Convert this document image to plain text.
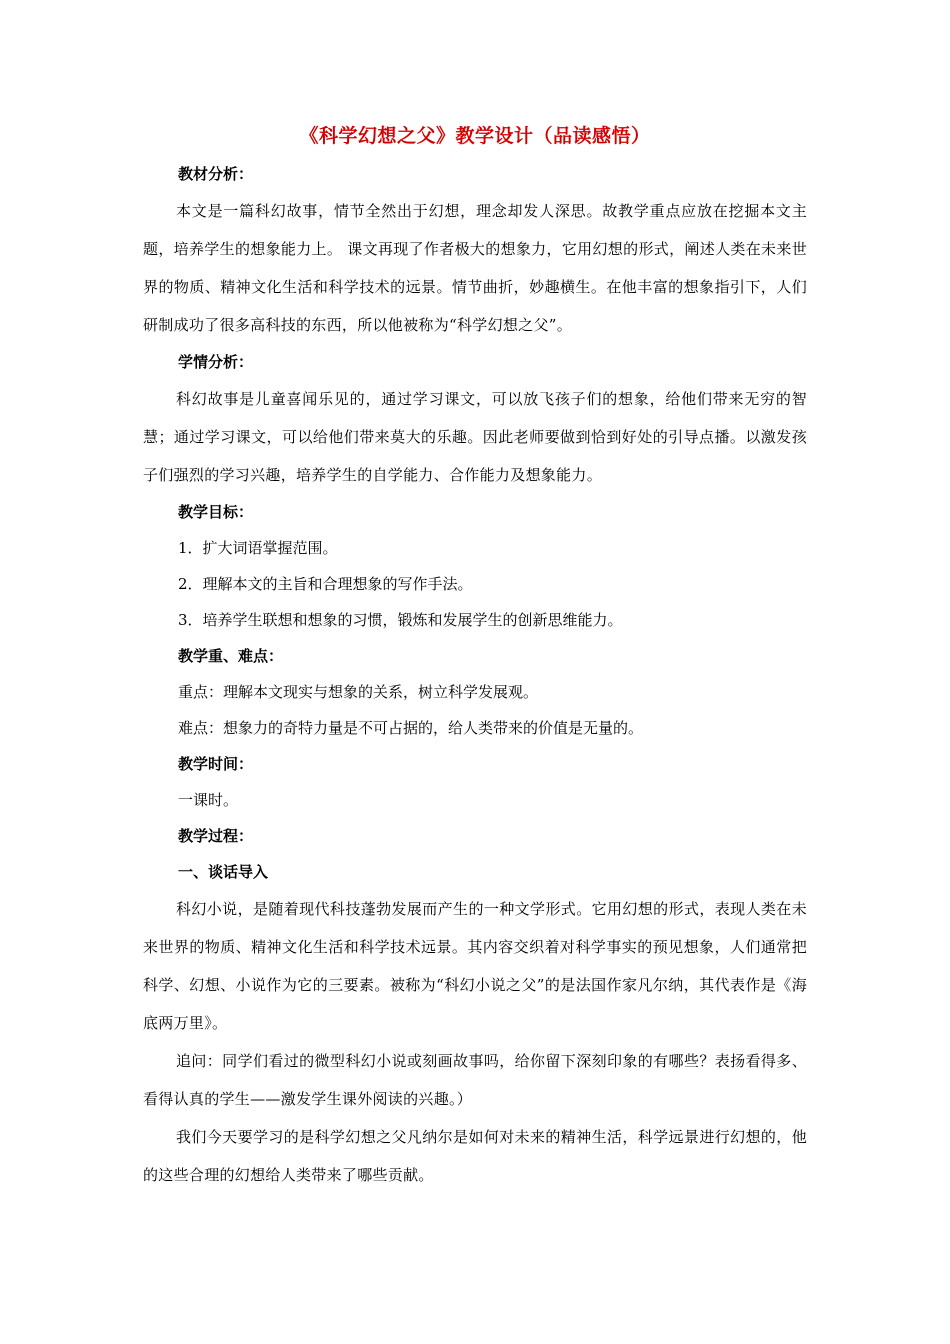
《科学幻想之父》教学设计（品读感悟）

教材分析：

本文是一篇科幻故事，情节全然出于幻想，理念却发人深思。故教学重点应放在挖掘本文主题，培养学生的想象能力上。 课文再现了作者极大的想象力，它用幻想的形式，阐述人类在未来世界的物质、精神文化生活和科学技术的远景。情节曲折，妙趣横生。在他丰富的想象指引下，人们研制成功了很多高科技的东西，所以他被称为“科学幻想之父”。

学情分析：

科幻故事是儿童喜闻乐见的，通过学习课文，可以放飞孩子们的想象，给他们带来无穷的智慧；通过学习课文，可以给他们带来莫大的乐趣。因此老师要做到恰到好处的引导点播。以激发孩子们强烈的学习兴趣，培养学生的自学能力、合作能力及想象能力。

教学目标：

1．扩大词语掌握范围。

2．理解本文的主旨和合理想象的写作手法。

3．培养学生联想和想象的习惯，锻炼和发展学生的创新思维能力。

教学重、难点：

重点：理解本文现实与想象的关系，树立科学发展观。

难点：想象力的奇特力量是不可占据的，给人类带来的价值是无量的。

教学时间：

一课时。

教学过程：

一、谈话导入

科幻小说，是随着现代科技蓬勃发展而产生的一种文学形式。它用幻想的形式，表现人类在未来世界的物质、精神文化生活和科学技术远景。其内容交织着对科学事实的预见想象，人们通常把科学、幻想、小说作为它的三要素。被称为“科幻小说之父”的是法国作家凡尔纳，其代表作是《海底两万里》。

追问：同学们看过的微型科幻小说或刻画故事吗，给你留下深刻印象的有哪些？表扬看得多、看得认真的学生——激发学生课外阅读的兴趣。）

我们今天要学习的是科学幻想之父凡纳尔是如何对未来的精神生活，科学远景进行幻想的，他的这些合理的幻想给人类带来了哪些贡献。
